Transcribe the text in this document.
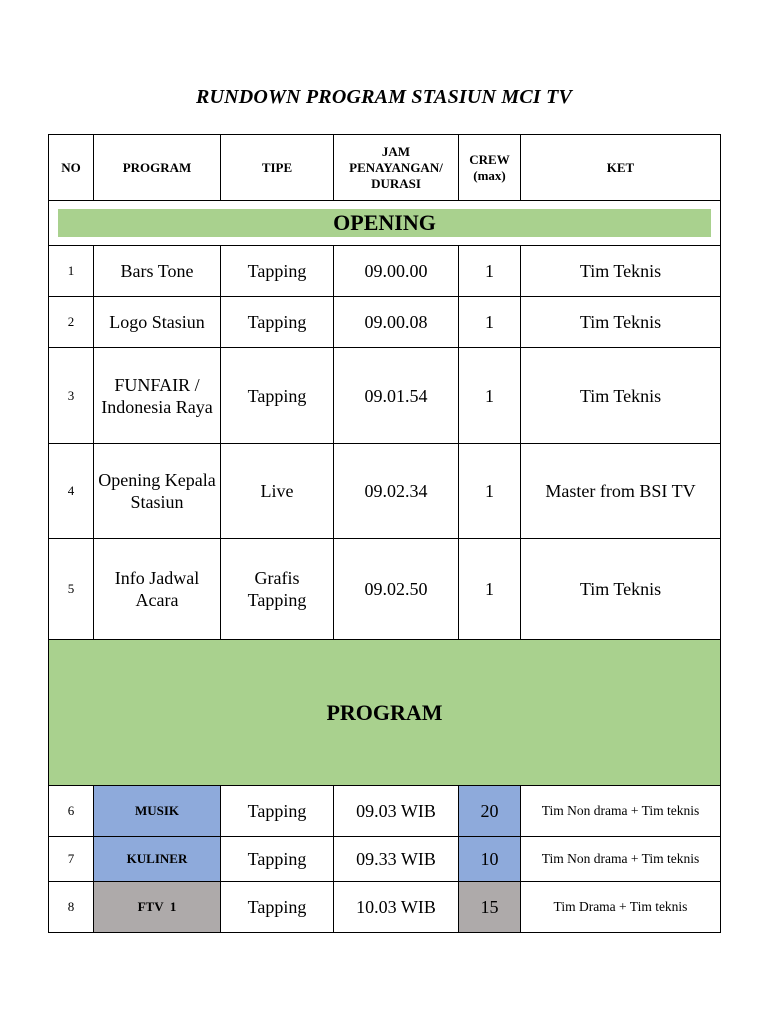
RUNDOWN PROGRAM STASIUN MCI TV
NO	PROGRAM	TIPE	JAM PENAYANGAN/ DURASI	CREW (max)	KET

OPENING					

1	Bars Tone	Tapping	09.00.00	1	Tim Teknis
2	Logo Stasiun	Tapping	09.00.08	1	Tim Teknis
3	FUNFAIR / Indonesia Raya	Tapping	09.01.54	1	Tim Teknis
4	Opening Kepala Stasiun	Live	09.02.34	1	Master from BSI TV
5	Info Jadwal Acara	Grafis Tapping	09.02.50	1	Tim Teknis
PROGRAM					
6	MUSIK	Tapping	09.03 WIB	20	Tim Non drama + Tim teknis
7	KULINER	Tapping	09.33 WIB	10	Tim Non drama + Tim teknis
8	FTV  1	Tapping	10.03 WIB	15	Tim Drama + Tim teknis
